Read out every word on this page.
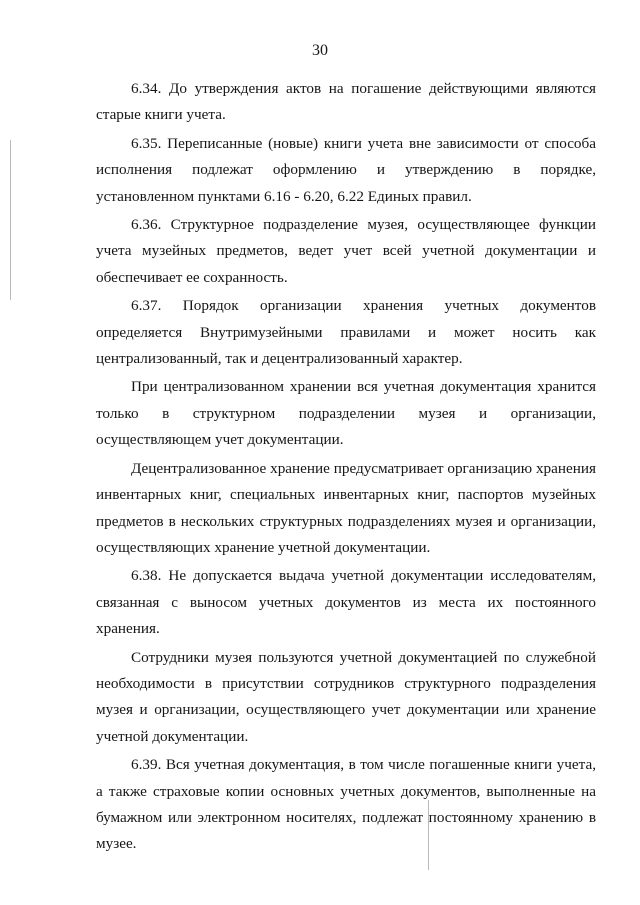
30

6.34. До утверждения актов на погашение действующими являются старые книги учета.

6.35. Переписанные (новые) книги учета вне зависимости от способа исполнения подлежат оформлению и утверждению в порядке, установленном пунктами 6.16 - 6.20, 6.22 Единых правил.

6.36. Структурное подразделение музея, осуществляющее функции учета музейных предметов, ведет учет всей учетной документации и обеспечивает ее сохранность.

6.37. Порядок организации хранения учетных документов определяется Внутримузейными правилами и может носить как централизованный, так и децентрализованный характер.

При централизованном хранении вся учетная документация хранится только в структурном подразделении музея и организации, осуществляющем учет документации.

Децентрализованное хранение предусматривает организацию хранения инвентарных книг, специальных инвентарных книг, паспортов музейных предметов в нескольких структурных подразделениях музея и организации, осуществляющих хранение учетной документации.

6.38. Не допускается выдача учетной документации исследователям, связанная с выносом учетных документов из места их постоянного хранения.

Сотрудники музея пользуются учетной документацией по служебной необходимости в присутствии сотрудников структурного подразделения музея и организации, осуществляющего учет документации или хранение учетной документации.

6.39. Вся учетная документация, в том числе погашенные книги учета, а также страховые копии основных учетных документов, выполненные на бумажном или электронном носителях, подлежат постоянному хранению в музее.
